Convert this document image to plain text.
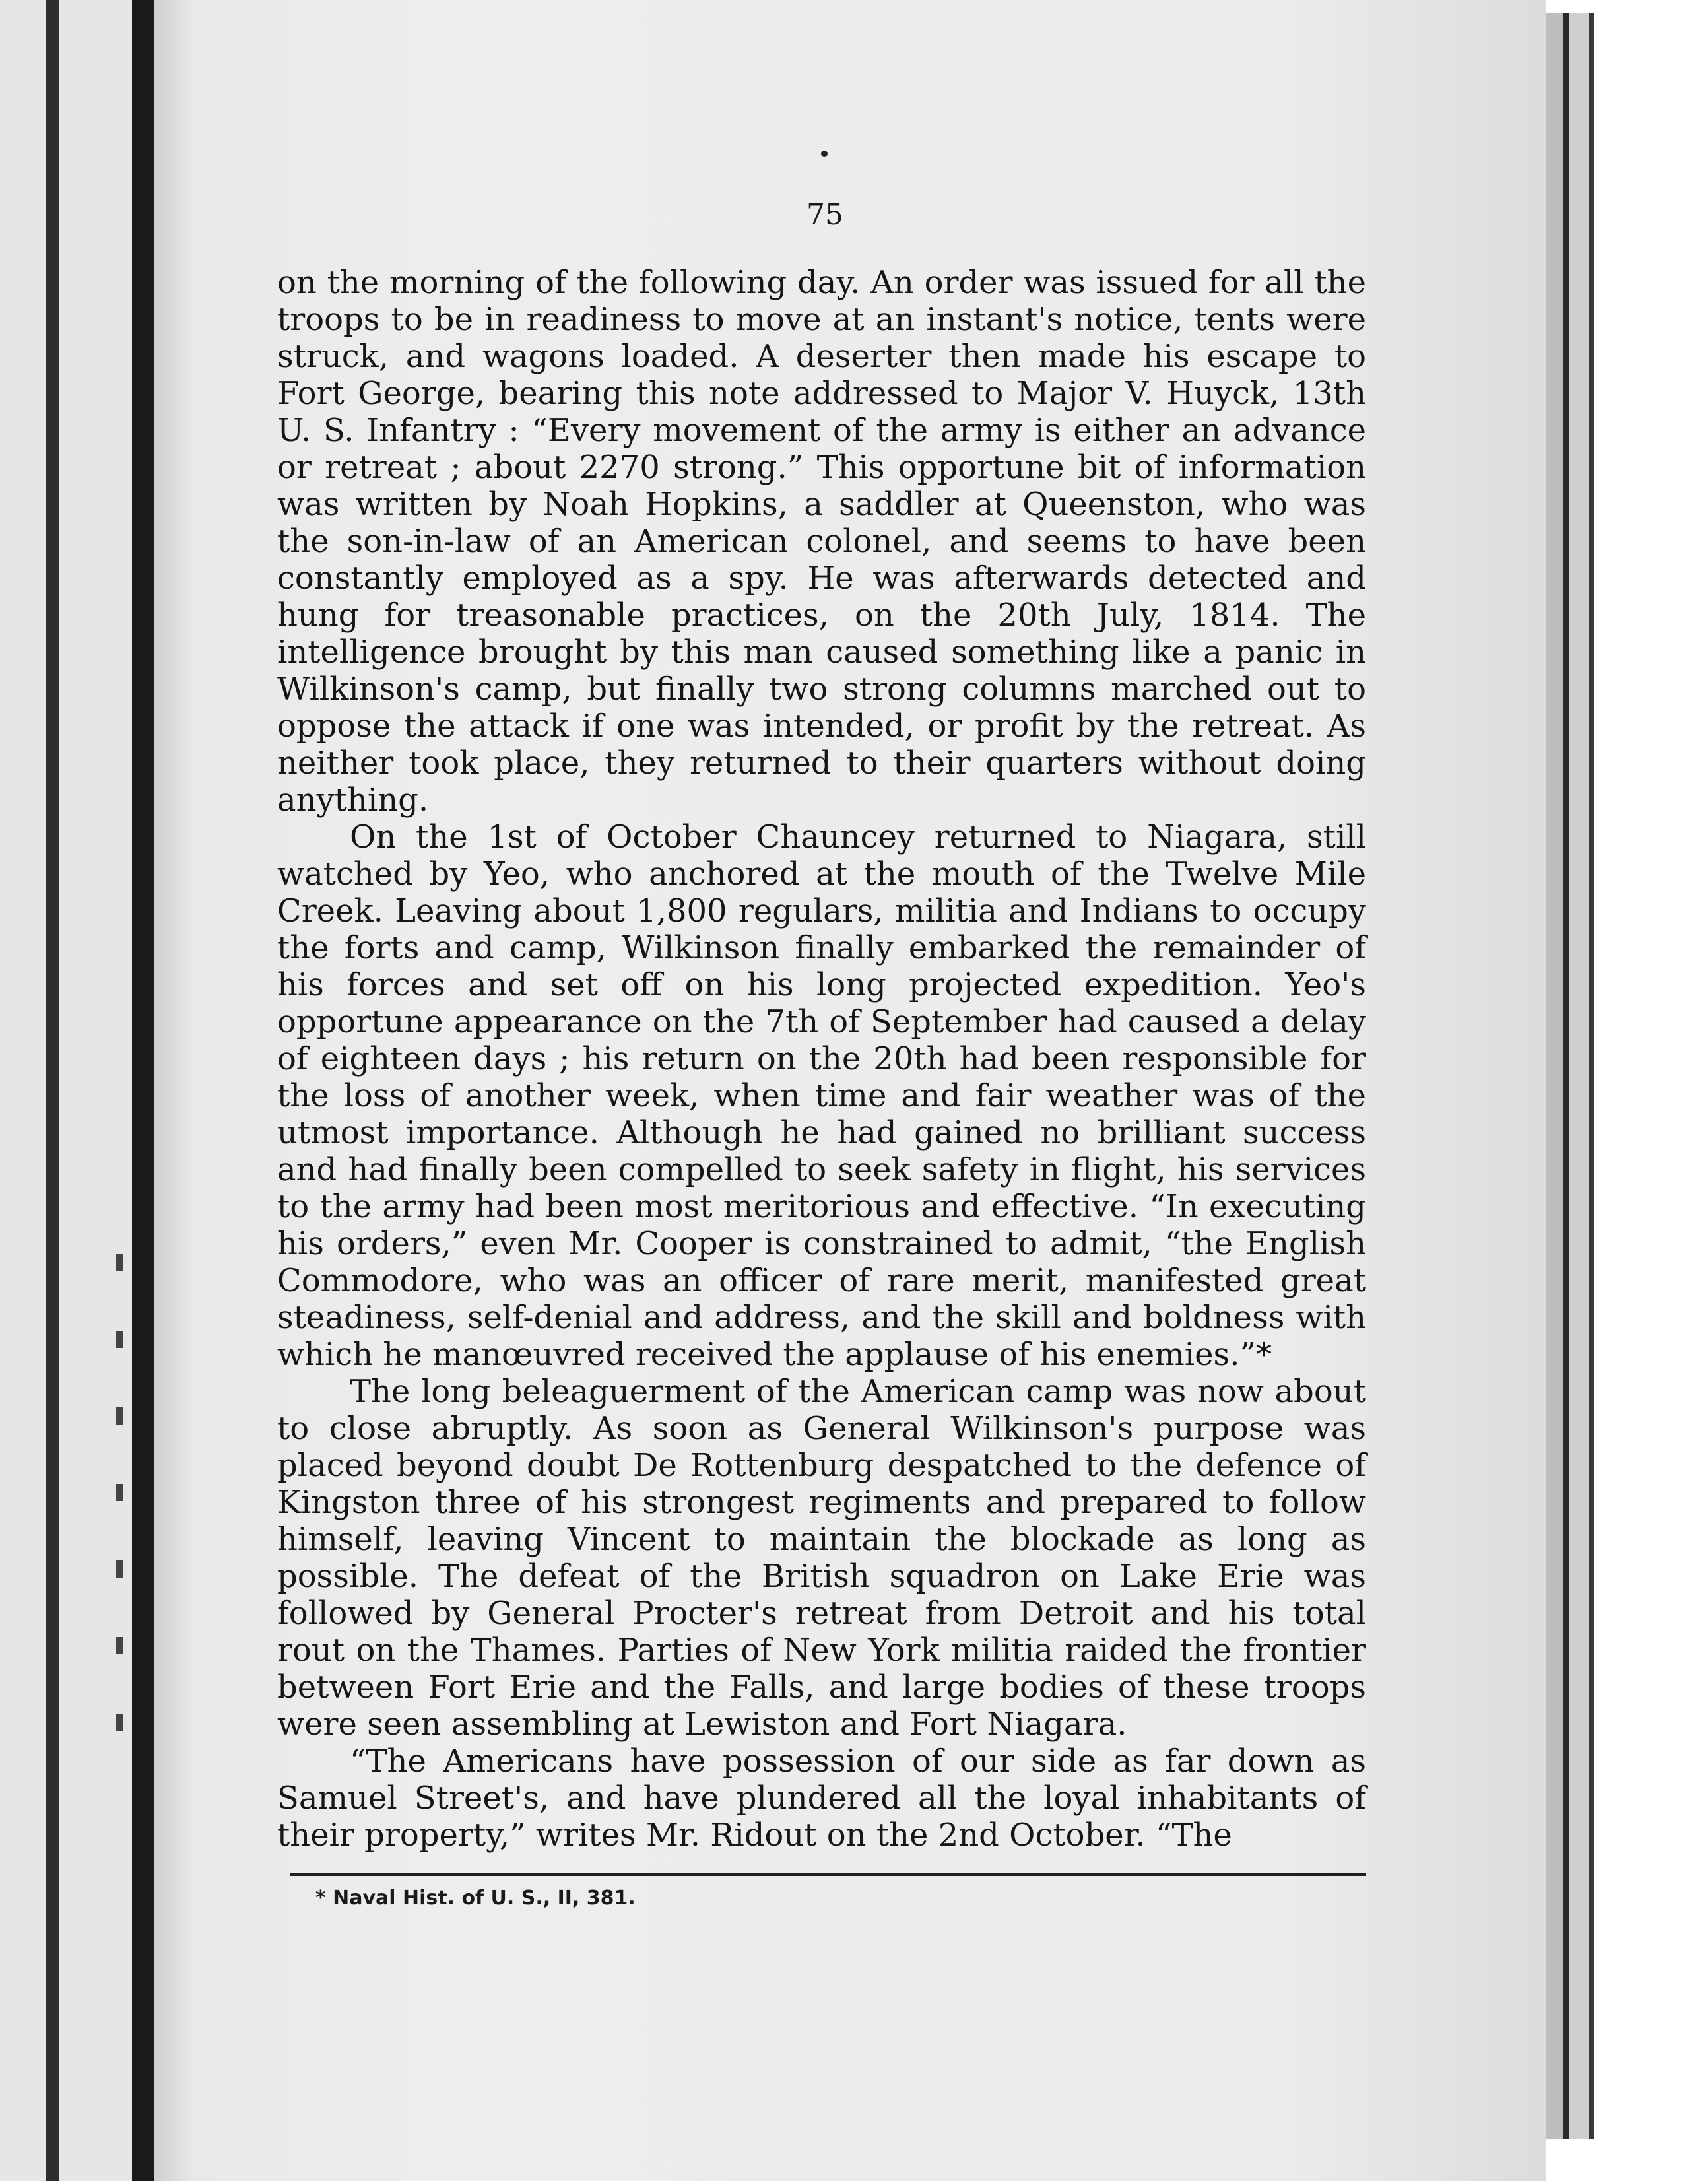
75

on the morning of the following day. An order was issued for all the troops to be in readiness to move at an instant's notice, tents were struck, and wagons loaded. A deserter then made his escape to Fort George, bearing this note addressed to Major V. Huyck, 13th U. S. Infantry : “Every movement of the army is either an advance or retreat ; about 2270 strong.” This opportune bit of information was written by Noah Hopkins, a saddler at Queenston, who was the son-in-law of an American colonel, and seems to have been constantly employed as a spy. He was afterwards detected and hung for treasonable practices, on the 20th July, 1814. The intelligence brought by this man caused something like a panic in Wilkinson's camp, but finally two strong columns marched out to oppose the attack if one was intended, or profit by the retreat. As neither took place, they returned to their quarters without doing anything.

On the 1st of October Chauncey returned to Niagara, still watched by Yeo, who anchored at the mouth of the Twelve Mile Creek. Leaving about 1,800 regulars, militia and Indians to occupy the forts and camp, Wilkinson finally embarked the remainder of his forces and set off on his long projected expedition. Yeo's opportune appearance on the 7th of September had caused a delay of eighteen days ; his return on the 20th had been responsible for the loss of another week, when time and fair weather was of the utmost importance. Although he had gained no brilliant success and had finally been compelled to seek safety in flight, his services to the army had been most meritorious and effective. “In executing his orders,” even Mr. Cooper is constrained to admit, “the English Commodore, who was an officer of rare merit, manifested great steadiness, self-denial and address, and the skill and boldness with which he manœuvred received the applause of his enemies.”*

The long beleaguerment of the American camp was now about to close abruptly. As soon as General Wilkinson's purpose was placed beyond doubt De Rottenburg despatched to the defence of Kingston three of his strongest regiments and prepared to follow himself, leaving Vincent to maintain the blockade as long as possible. The defeat of the British squadron on Lake Erie was followed by General Procter's retreat from Detroit and his total rout on the Thames. Parties of New York militia raided the frontier between Fort Erie and the Falls, and large bodies of these troops were seen assembling at Lewiston and Fort Niagara.

“The Americans have possession of our side as far down as Samuel Street's, and have plundered all the loyal inhabitants of their property,” writes Mr. Ridout on the 2nd October. “The

* Naval Hist. of U. S., II, 381.
